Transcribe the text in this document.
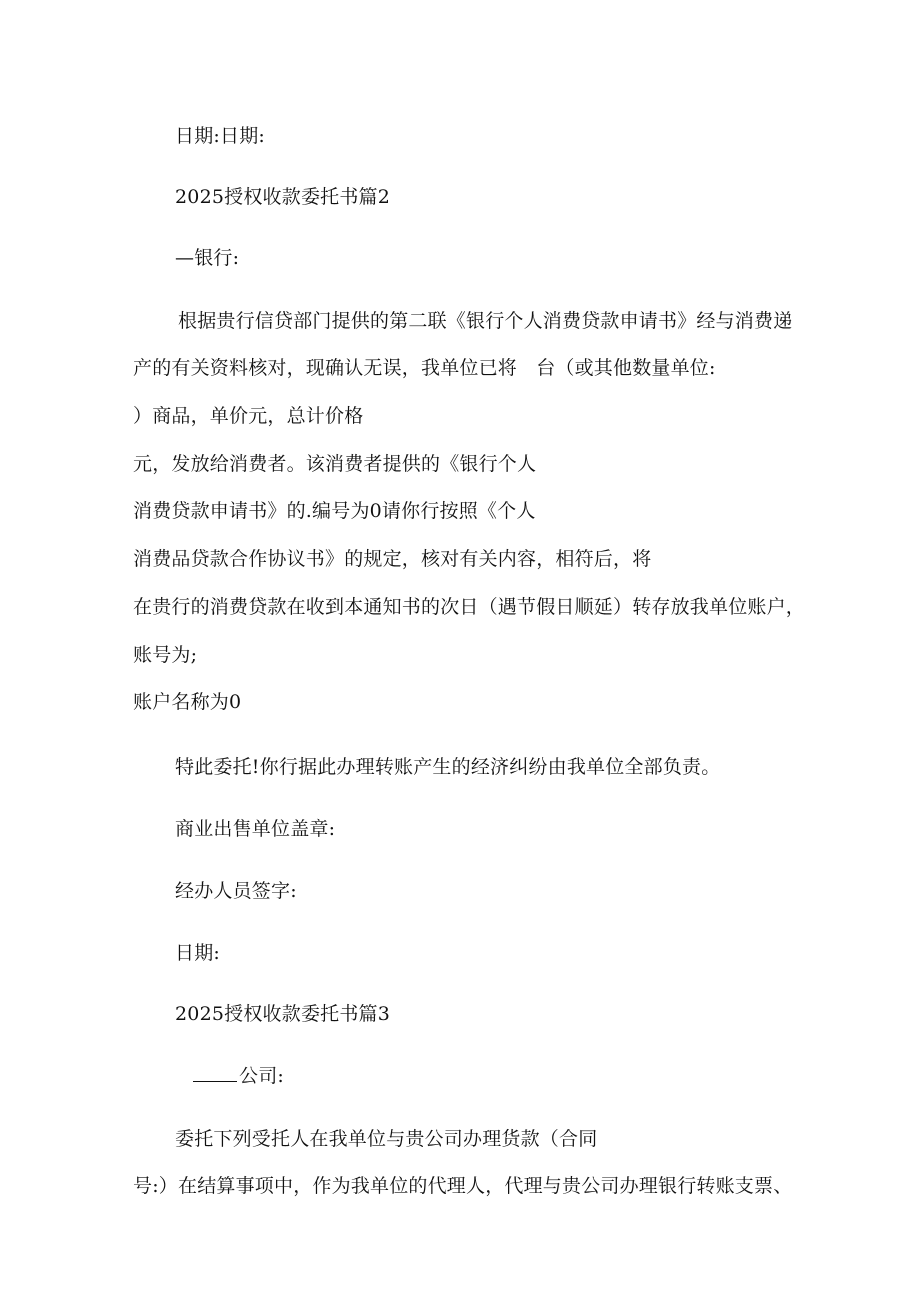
日期:日期:
2025授权收款委托书篇2
—银行:
根据贵行信贷部门提供的第二联《银行个人消费贷款申请书》经与消费递
产的有关资料核对，现确认无误，我单位已将　台（或其他数量单位:
）商品，单价元，总计价格
元，发放给消费者。该消费者提供的《银行个人
消费贷款申请书》的.编号为0请你行按照《个人
消费品贷款合作协议书》的规定，核对有关内容，相符后，将
在贵行的消费贷款在收到本通知书的次日（遇节假日顺延）转存放我单位账户，
账号为;
账户名称为0
特此委托!你行据此办理转账产生的经济纠纷由我单位全部负责。
商业出售单位盖章:
经办人员签字:
日期:
2025授权收款委托书篇3
公司:
委托下列受托人在我单位与贵公司办理货款（合同
号:）在结算事项中，作为我单位的代理人，代理与贵公司办理银行转账支票、
